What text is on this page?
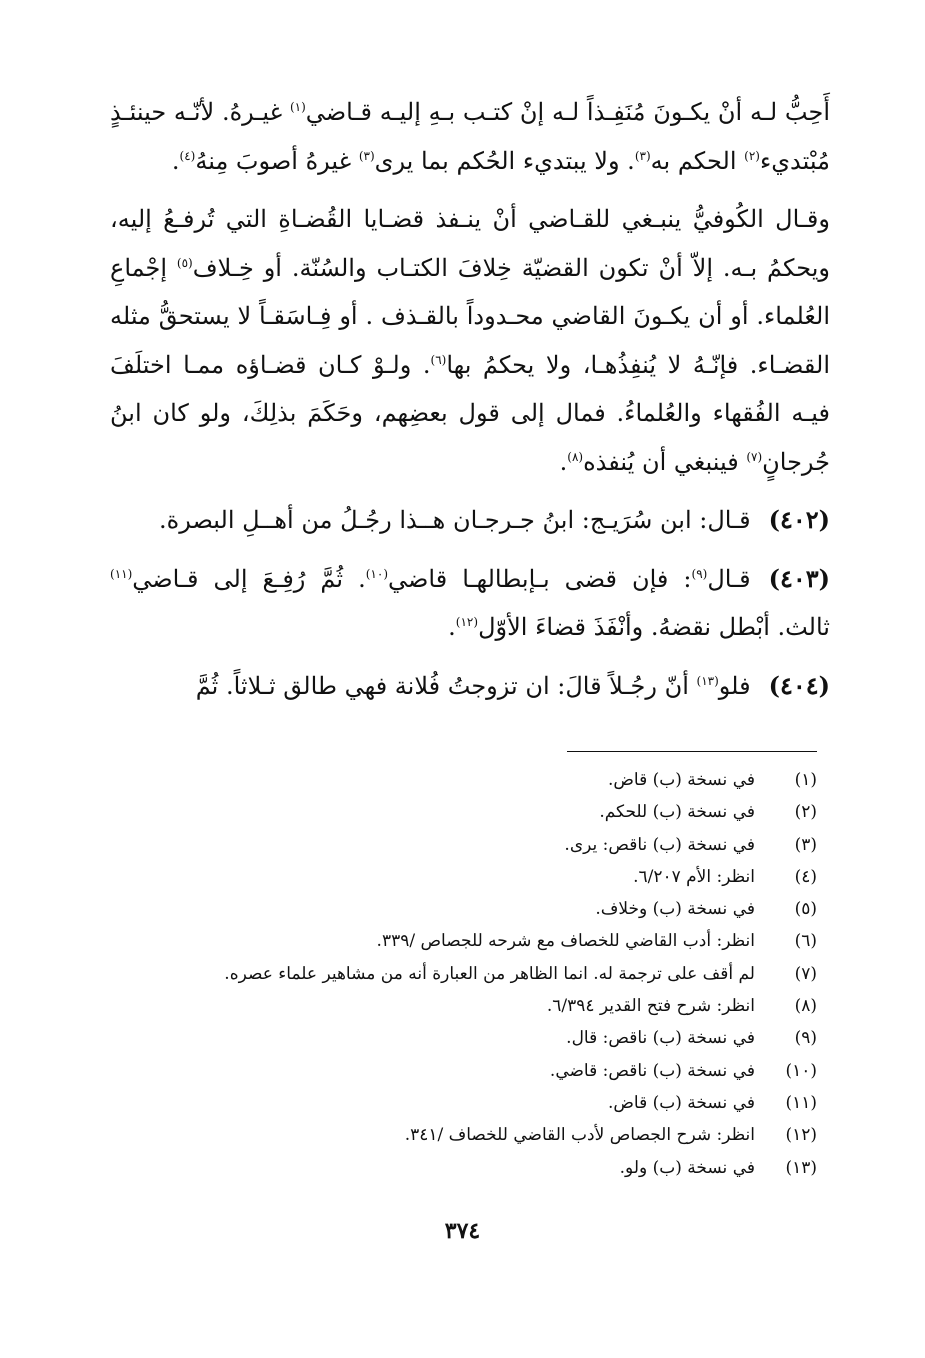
أَحِبُّ لـه أنْ يكـونَ مُنَفِـذاً لـه إنْ كتـب بـهِ إليـه قـاضي$^{(١)}$ غيـرهُ. لأنّـه حينئـذٍ مُبْتديء$^{(٢)}$ الحكم به$^{(٣)}$. ولا يبتديء الحُكم بما يرى$^{(٣)}$ غيرهُ أصوبَ مِنهُ$^{(٤)}$.

وقـال الكُوفيُّ ينبـغي للقـاضي أنْ ينـفذ قضـايا القُضـاةِ التي تُرفـعُ إليه، ويحكمُ بـه. إلاّ أنْ تكون القضيّة خِلافَ الكتـاب والسُنّة. أو خِـلاف$^{(٥)}$ إجْماعِ العُلماء. أو أن يكـونَ القاضي محـدوداً بالقـذف . أو فِـاسَقـاً لا يستحقُّ مثله القضـاء. فإنّـهُ لا يُنفِذُهـا، ولا يحكمُ بها$^{(٦)}$. ولـوْ كـان قضـاؤه ممـا اختلَفَ فيـه الفُقهاء والعُلماءُ. فمال إلى قول بعضِهم، وحَكَمَ بذلِكَ، ولو كان ابنُ جُرجانٍ$^{(٧)}$ فينبغي أن يُنفذه$^{(٨)}$.

(٤٠٢)قـال: ابن سُرَيـج: ابنُ جـرجـان هــذا رجُـلُ من أهــلِ البصرة.

(٤٠٣)قـال$^{(٩)}$: فإن قضى بـإبطالهـا قاضي$^{(١٠)}$. ثُمَّ رُفِـعَ إلى قـاضي$^{(١١)}$ ثالث. أبْطل نقضهُ. وأنْفَذَ قضاءَ الأوّل$^{(١٢)}$.

(٤٠٤)فلو$^{(١٣)}$ أنّ رجُـلاً قالَ: ان تزوجتُ فُلانة فهي طالق ثـلاثاً. ثُمَّ

(١)في نسخة (ب) قاض.
(٢)في نسخة (ب) للحكم.
(٣)في نسخة (ب) ناقص: يرى.
(٤)انظر: الأم ٦/٢٠٧.
(٥)في نسخة (ب) وخلاف.
(٦)انظر: أدب القاضي للخصاف مع شرحه للجصاص /٣٣٩.
(٧)لم أقف على ترجمة له. انما الظاهر من العبارة أنه من مشاهير علماء عصره.
(٨)انظر: شرح فتح القدير ٦/٣٩٤.
(٩)في نسخة (ب) ناقص: قال.
(١٠)في نسخة (ب) ناقص: قاضي.
(١١)في نسخة (ب) قاض.
(١٢)انظر: شرح الجصاص لأدب القاضي للخصاف /٣٤١.
(١٣)في نسخة (ب) ولو.
٣٧٤
